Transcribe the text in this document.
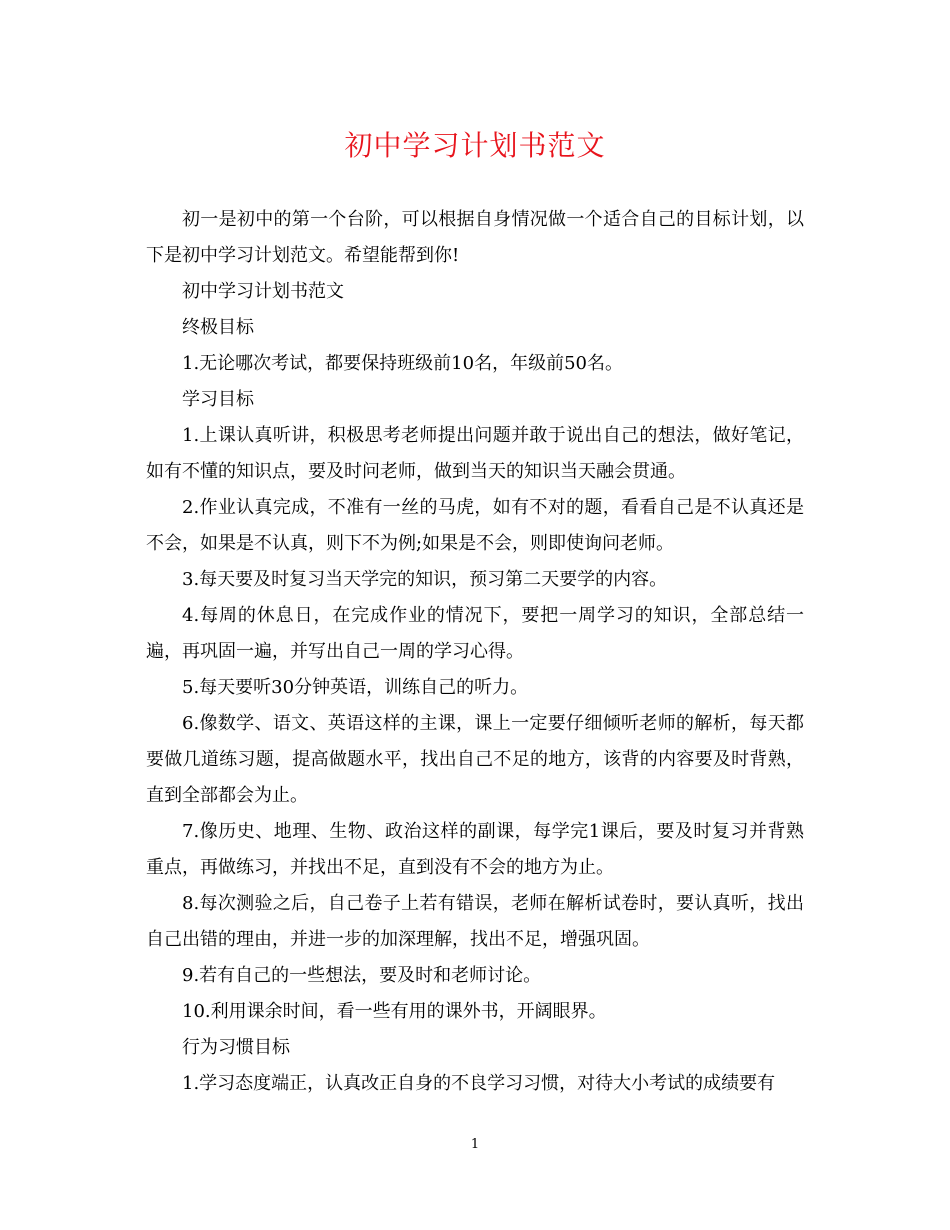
初中学习计划书范文

初一是初中的第一个台阶，可以根据自身情况做一个适合自己的目标计划，以下是初中学习计划范文。希望能帮到你!

初中学习计划书范文

终极目标

1.无论哪次考试，都要保持班级前10名，年级前50名。

学习目标

1.上课认真听讲，积极思考老师提出问题并敢于说出自己的想法，做好笔记，如有不懂的知识点，要及时问老师，做到当天的知识当天融会贯通。

2.作业认真完成，不准有一丝的马虎，如有不对的题，看看自己是不认真还是不会，如果是不认真，则下不为例;如果是不会，则即使询问老师。

3.每天要及时复习当天学完的知识，预习第二天要学的内容。

4.每周的休息日，在完成作业的情况下，要把一周学习的知识，全部总结一遍，再巩固一遍，并写出自己一周的学习心得。

5.每天要听30分钟英语，训练自己的听力。

6.像数学、语文、英语这样的主课，课上一定要仔细倾听老师的解析，每天都要做几道练习题，提高做题水平，找出自己不足的地方，该背的内容要及时背熟，直到全部都会为止。

7.像历史、地理、生物、政治这样的副课，每学完1课后，要及时复习并背熟重点，再做练习，并找出不足，直到没有不会的地方为止。

8.每次测验之后，自己卷子上若有错误，老师在解析试卷时，要认真听，找出自己出错的理由，并进一步的加深理解，找出不足，增强巩固。

9.若有自己的一些想法，要及时和老师讨论。

10.利用课余时间，看一些有用的课外书，开阔眼界。

行为习惯目标

1.学习态度端正，认真改正自身的不良学习习惯，对待大小考试的成绩要有

1
